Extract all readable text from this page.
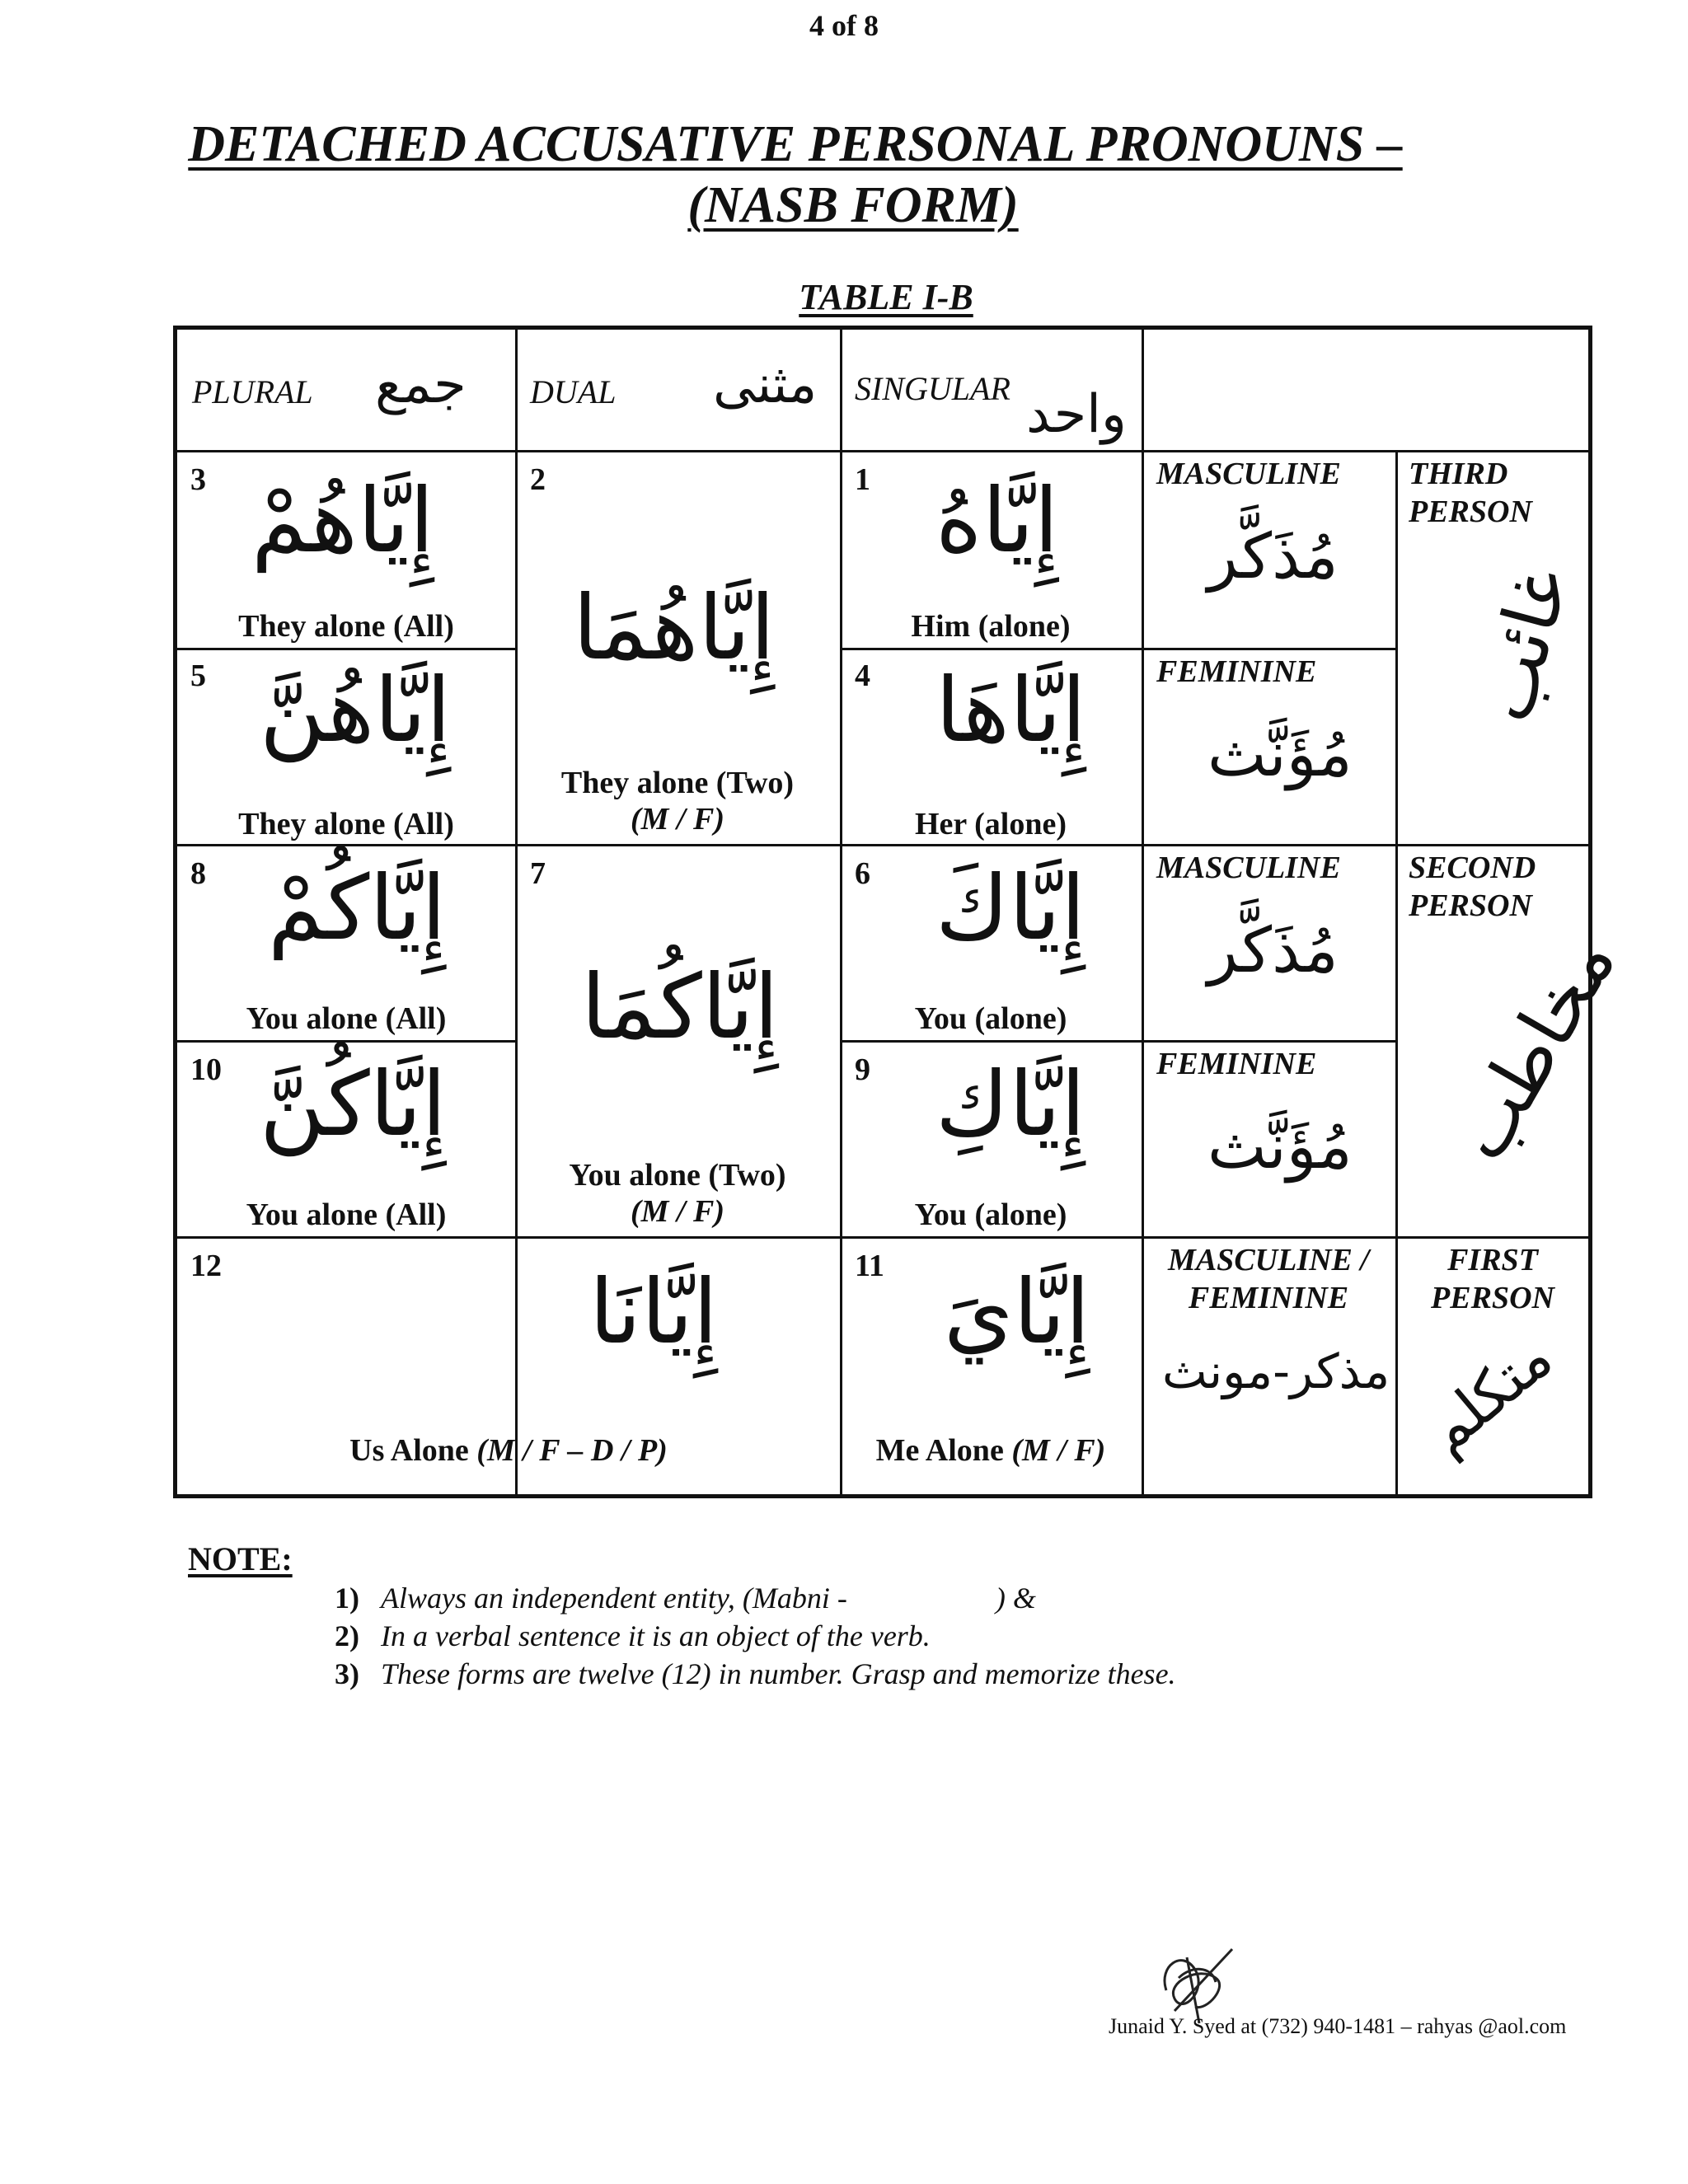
4 of 8
DETACHED ACCUSATIVE PERSONAL PRONOUNS –
(NASB FORM)
TABLE I-B
PLURAL جمع DUAL مثنى SINGULAR واحد
3 إِيَّاهُمْ
They alone (All)
5 إِيَّاهُنَّ
They alone (All)
2
إِيَّاهُمَا
They alone (Two)
(M / F)
1 إِيَّاهُ
Him (alone)
4 إِيَّاهَا
Her (alone)
MASCULINE
مُذَكَّر
FEMININE
مُؤَنَّث
THIRD
PERSON
غائب
8 إِيَّاكُمْ
You alone (All)
10 إِيَّاكُنَّ
You alone (All)
7
إِيَّاكُمَا
You alone (Two)
(M / F)
6 إِيَّاكَ
You (alone)
9 إِيَّاكِ
You (alone)
MASCULINE
مُذَكَّر
FEMININE
مُؤَنَّث
SECOND
PERSON
مخاطب
12	إِيَّانَا
Us Alone (M / F – D / P)
11 إِيَّايَ
Me Alone (M / F)
MASCULINE /
FEMININE
مذكر-مونث
FIRST
PERSON
متكلم
NOTE:
1) Always an independent entity, (Mabni -                    ) &
2) In a verbal sentence it is an object of the verb.
3) These forms are twelve (12) in number. Grasp and memorize these.
Junaid Y. Syed at (732) 940-1481 – rahyas @aol.com
